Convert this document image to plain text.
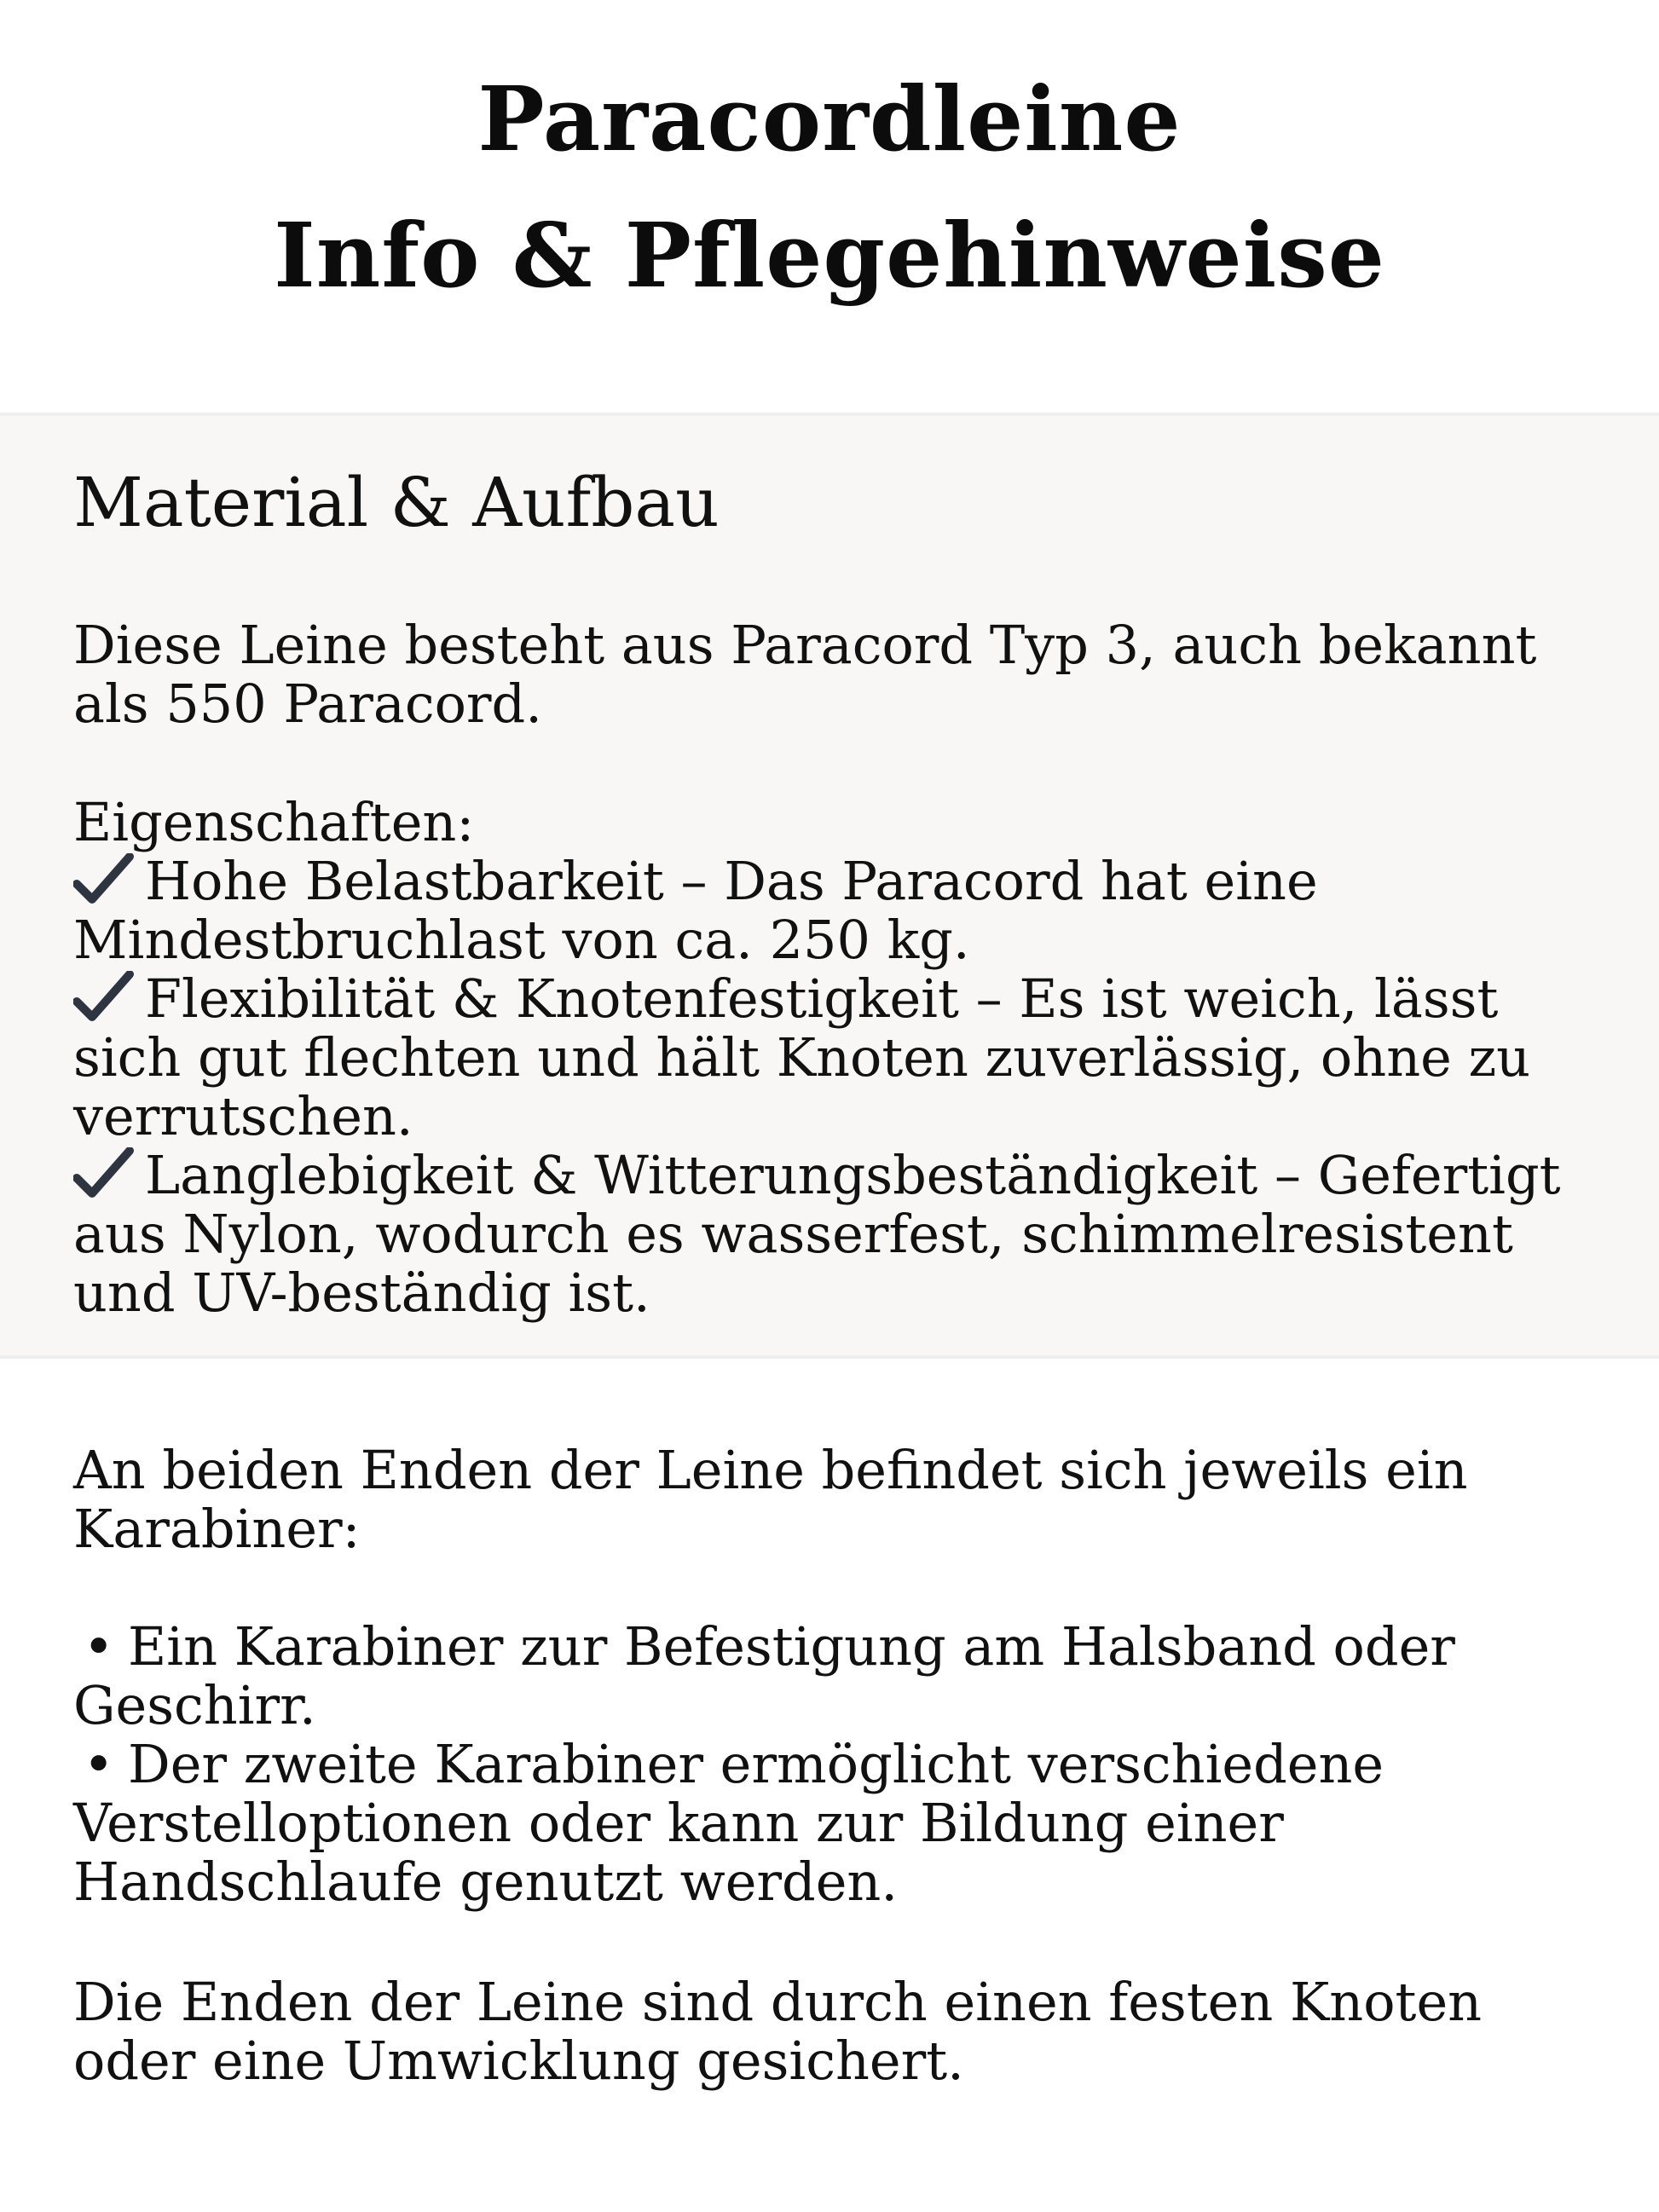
Paracordleine
Info & Pflegehinweise
Material & Aufbau
Diese Leine besteht aus Paracord Typ 3, auch bekannt
als 550 Paracord.
Eigenschaften:
Hohe Belastbarkeit – Das Paracord hat eine
Mindestbruchlast von ca. 250 kg.
Flexibilität & Knotenfestigkeit – Es ist weich, lässt
sich gut flechten und hält Knoten zuverlässig, ohne zu
verrutschen.
Langlebigkeit & Witterungsbeständigkeit – Gefertigt
aus Nylon, wodurch es wasserfest, schimmelresistent
und UV-beständig ist.
An beiden Enden der Leine befindet sich jeweils ein
Karabiner:
• Ein Karabiner zur Befestigung am Halsband oder
Geschirr.
• Der zweite Karabiner ermöglicht verschiedene
Verstelloptionen oder kann zur Bildung einer
Handschlaufe genutzt werden.
Die Enden der Leine sind durch einen festen Knoten
oder eine Umwicklung gesichert.
